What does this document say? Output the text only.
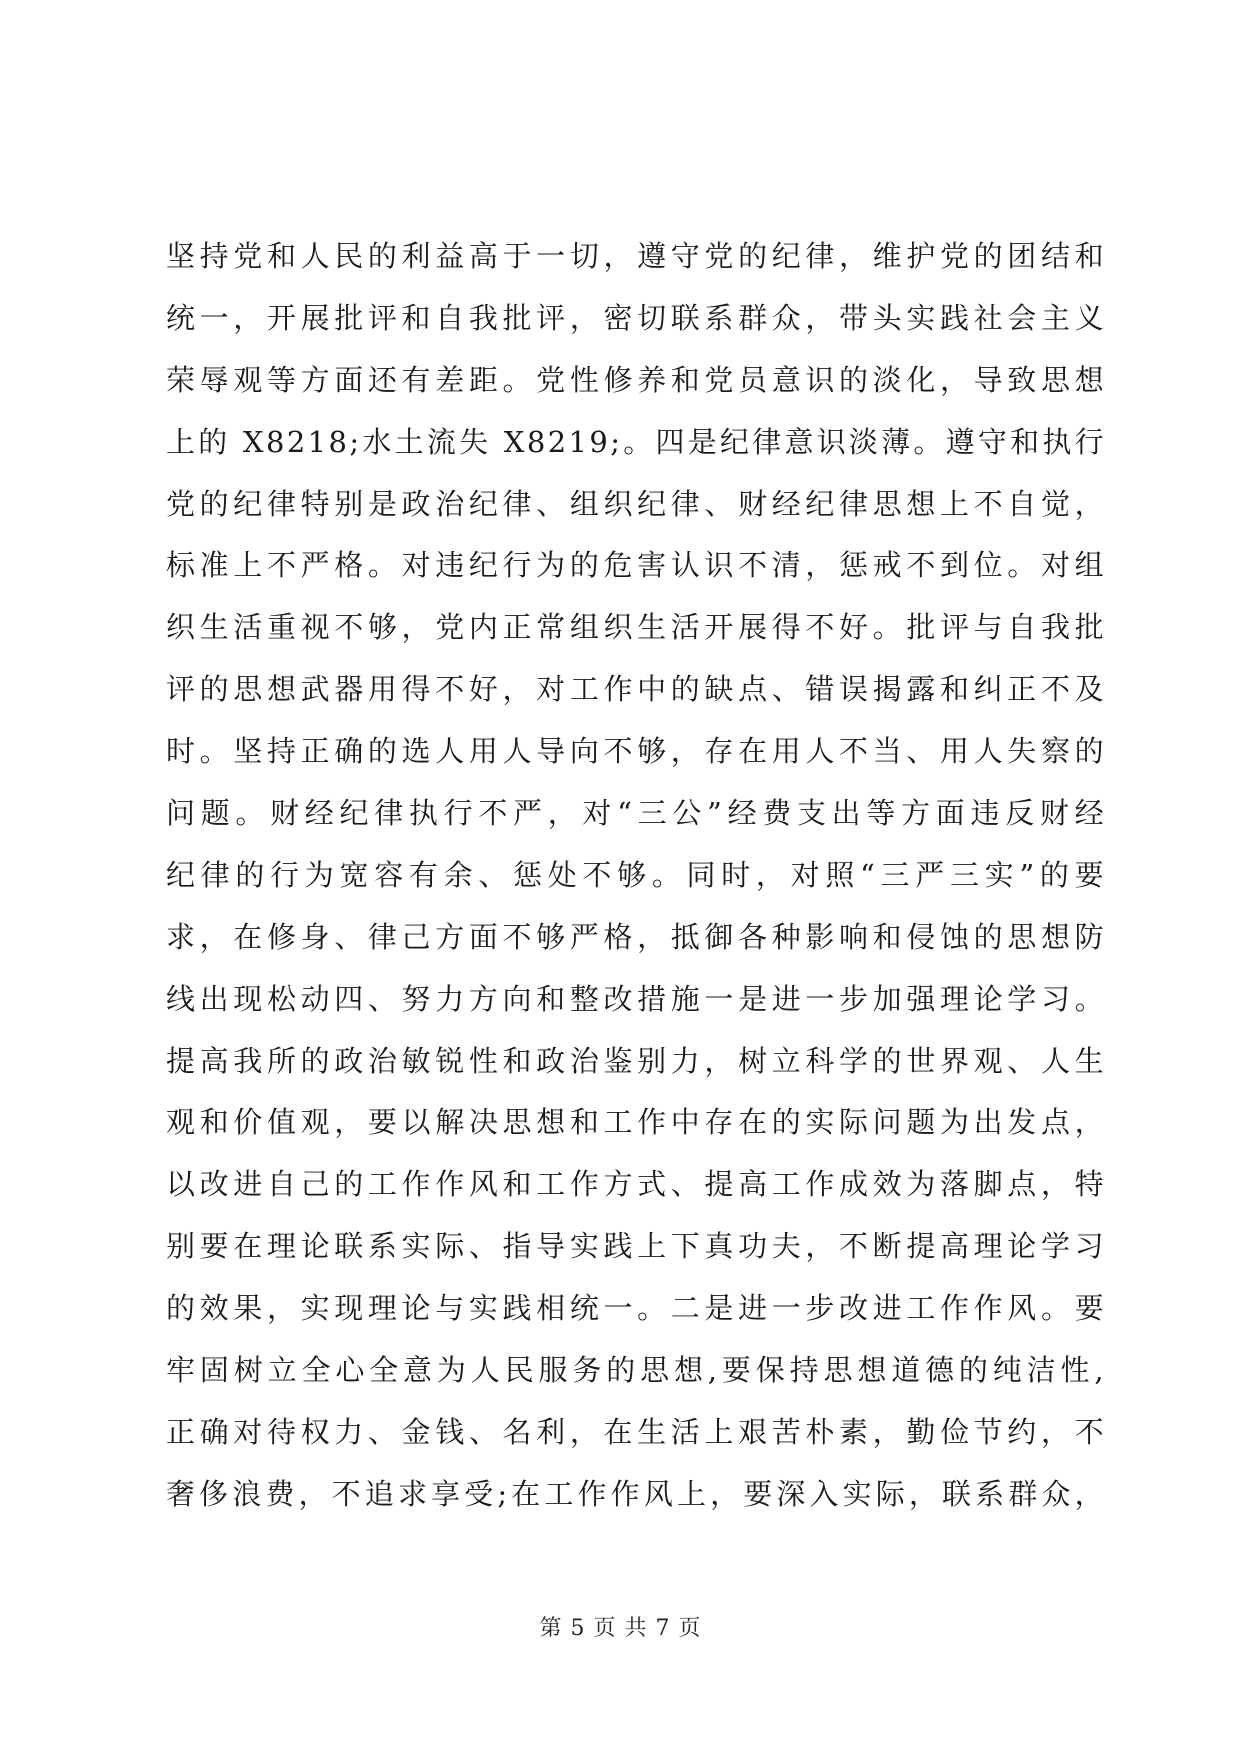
坚持党和人民的利益高于一切，遵守党的纪律，维护党的团结和
统一，开展批评和自我批评，密切联系群众，带头实践社会主义
荣辱观等方面还有差距。党性修养和党员意识的淡化，导致思想
上的 X8218;水土流失 X8219;。四是纪律意识淡薄。遵守和执行
党的纪律特别是政治纪律、组织纪律、财经纪律思想上不自觉，
标准上不严格。对违纪行为的危害认识不清，惩戒不到位。对组
织生活重视不够，党内正常组织生活开展得不好。批评与自我批
评的思想武器用得不好，对工作中的缺点、错误揭露和纠正不及
时。坚持正确的选人用人导向不够，存在用人不当、用人失察的
问题。财经纪律执行不严，对“三公”经费支出等方面违反财经
纪律的行为宽容有余、惩处不够。同时，对照“三严三实”的要
求，在修身、律己方面不够严格，抵御各种影响和侵蚀的思想防
线出现松动四、努力方向和整改措施一是进一步加强理论学习。
提高我所的政治敏锐性和政治鉴别力，树立科学的世界观、人生
观和价值观，要以解决思想和工作中存在的实际问题为出发点，
以改进自己的工作作风和工作方式、提高工作成效为落脚点，特
别要在理论联系实际、指导实践上下真功夫，不断提高理论学习
的效果，实现理论与实践相统一。二是进一步改进工作作风。要
牢固树立全心全意为人民服务的思想,要保持思想道德的纯洁性,
正确对待权力、金钱、名利，在生活上艰苦朴素，勤俭节约，不
奢侈浪费，不追求享受;在工作作风上，要深入实际，联系群众，
第 5 页 共 7 页
